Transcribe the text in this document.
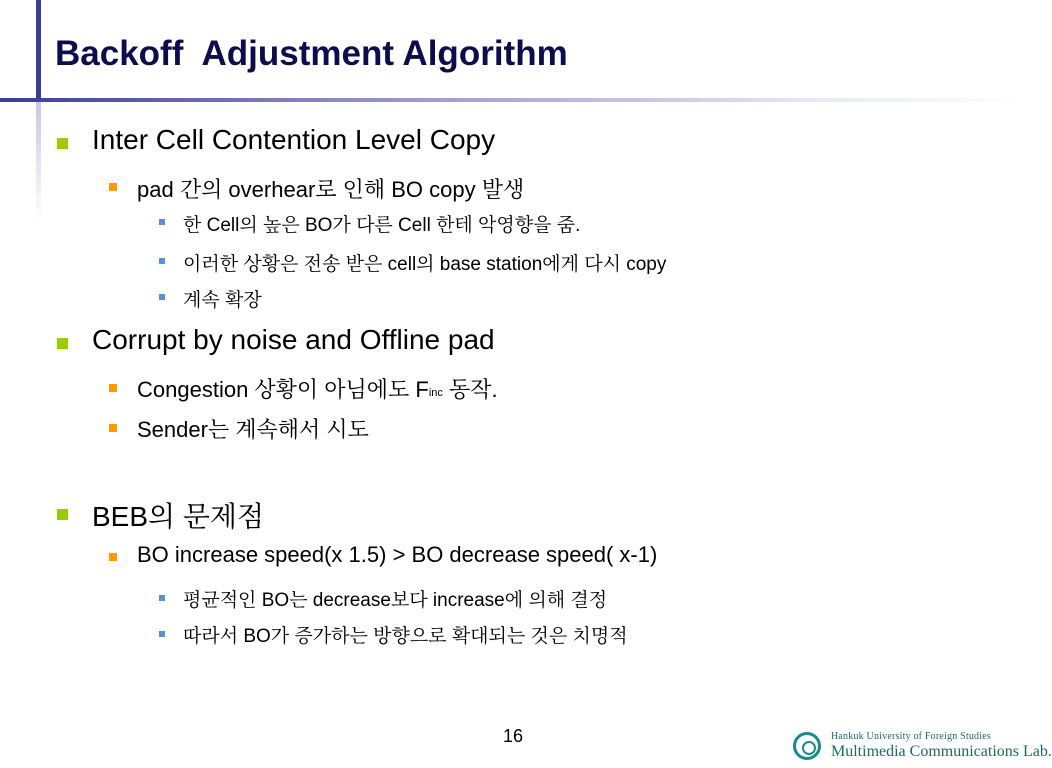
Backoff  Adjustment Algorithm
Inter Cell Contention Level Copy
pad 간의 overhear로 인해 BO copy 발생
한 Cell의 높은 BO가 다른 Cell 한테 악영향을 줌.
이러한 상황은 전송 받은 cell의 base station에게 다시 copy
계속 확장
Corrupt by noise and Offline pad
Congestion 상황이 아님에도 $F_{inc}$ 동작.
Sender는 계속해서 시도
BEB의 문제점
BO increase speed(x 1.5) > BO decrease speed( x-1)
평균적인 BO는 decrease보다 increase에 의해 결정
따라서 BO가 증가하는 방향으로 확대되는 것은 치명적
16	Hankuk University of Foreign Studies
Multimedia Communications Lab.
